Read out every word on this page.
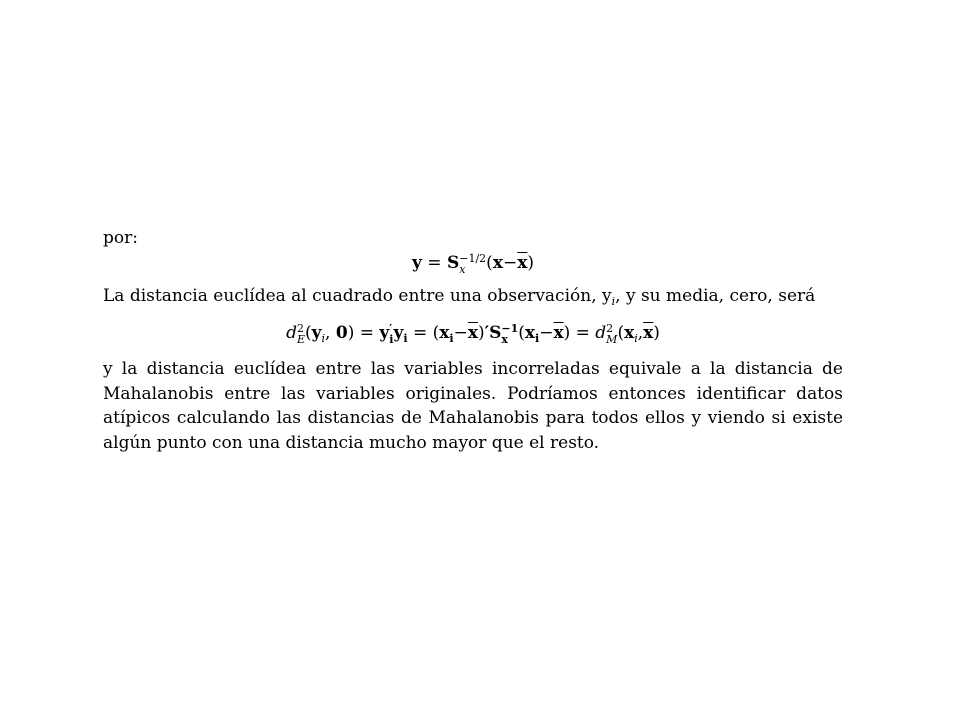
por:
y = S −1/2
x	$(x-\overline{x})$
La distancia euclídea al cuadrado entre una observación, $y_i$, y su media, cero, será
d 2
E ($y_i$, 0) = y ′
i $y_i = (x_i-\overline{x})'S -1$
x $(x_i-\overline{x}) = d$ 2
M $(x_i,\overline{x})$
y la distancia euclídea entre las variables incorreladas equivale a la distancia de Mahalanobis entre las variables originales. Podríamos entonces identificar datos atípicos calculando las distancias de Mahalanobis para todos ellos y viendo si existe algún punto con una distancia mucho mayor que el resto.
